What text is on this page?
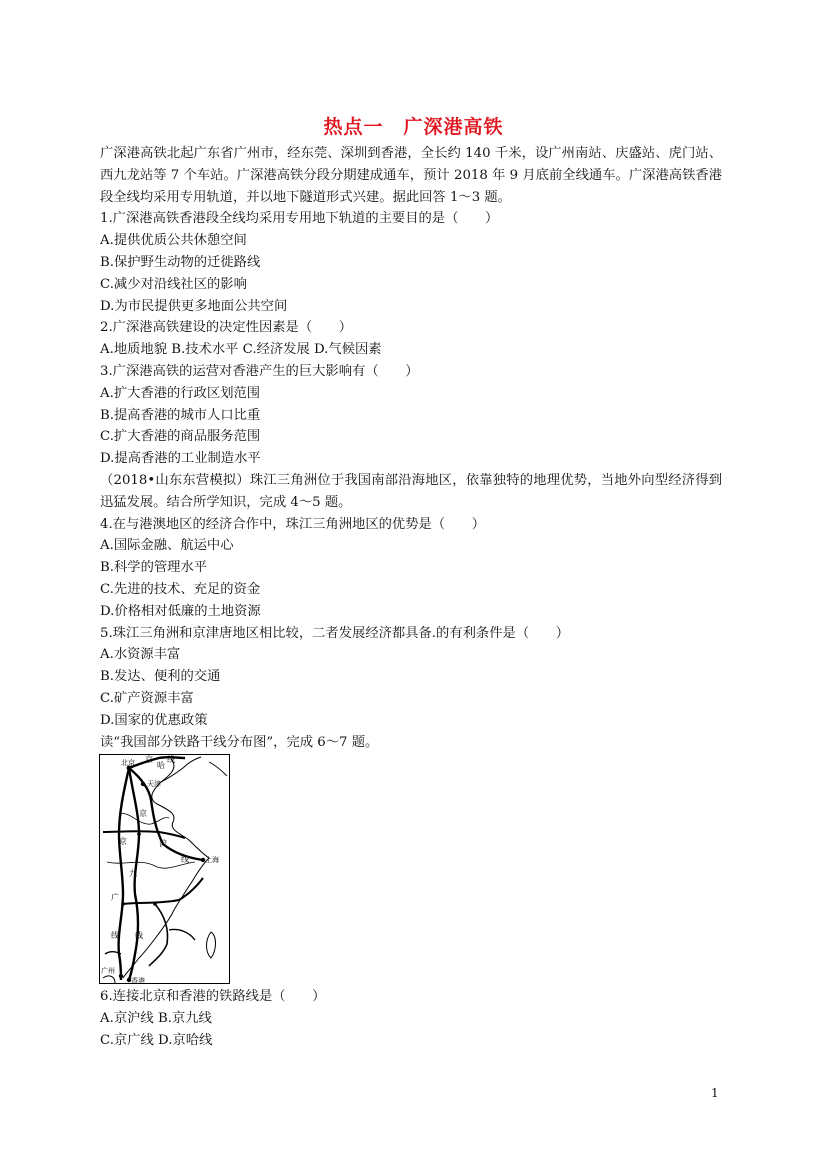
热点一　广深港高铁
广深港高铁北起广东省广州市，经东莞、深圳到香港，全长约 140 千米，设广州南站、庆盛站、虎门站、西九龙站等 7 个车站。广深港高铁分段分期建成通车，预计 2018 年 9 月底前全线通车。广深港高铁香港段全线均采用专用轨道，并以地下隧道形式兴建。据此回答 1～3 题。
1.广深港高铁香港段全线均采用专用地下轨道的主要目的是（　　）
A.提供优质公共休憩空间
B.保护野生动物的迁徙路线
C.减少对沿线社区的影响
D.为市民提供更多地面公共空间
2.广深港高铁建设的决定性因素是（　　）
A.地质地貌 B.技术水平 C.经济发展 D.气候因素
3.广深港高铁的运营对香港产生的巨大影响有（　　）
A.扩大香港的行政区划范围
B.提高香港的城市人口比重
C.扩大香港的商品服务范围
D.提高香港的工业制造水平
（2018•山东东营模拟）珠江三角洲位于我国南部沿海地区，依靠独特的地理优势，当地外向型经济得到迅猛发展。结合所学知识，完成 4～5 题。
4.在与港澳地区的经济合作中，珠江三角洲地区的优势是（　　）
A.国际金融、航运中心
B.科学的管理水平
C.先进的技术、充足的资金
D.价格相对低廉的土地资源
5.珠江三角洲和京津唐地区相比较，二者发展经济都具备.的有利条件是（　　）
A.水资源丰富
B.发达、便利的交通
C.矿产资源丰富
D.国家的优惠政策
读“我国部分铁路干线分布图”，完成 6～7 题。
北京
天津
上海
广州
香港
京
哈
线
京
沪
线
京
九
广
线 线
6.连接北京和香港的铁路线是（　　）
A.京沪线 B.京九线
C.京广线 D.京哈线
1
